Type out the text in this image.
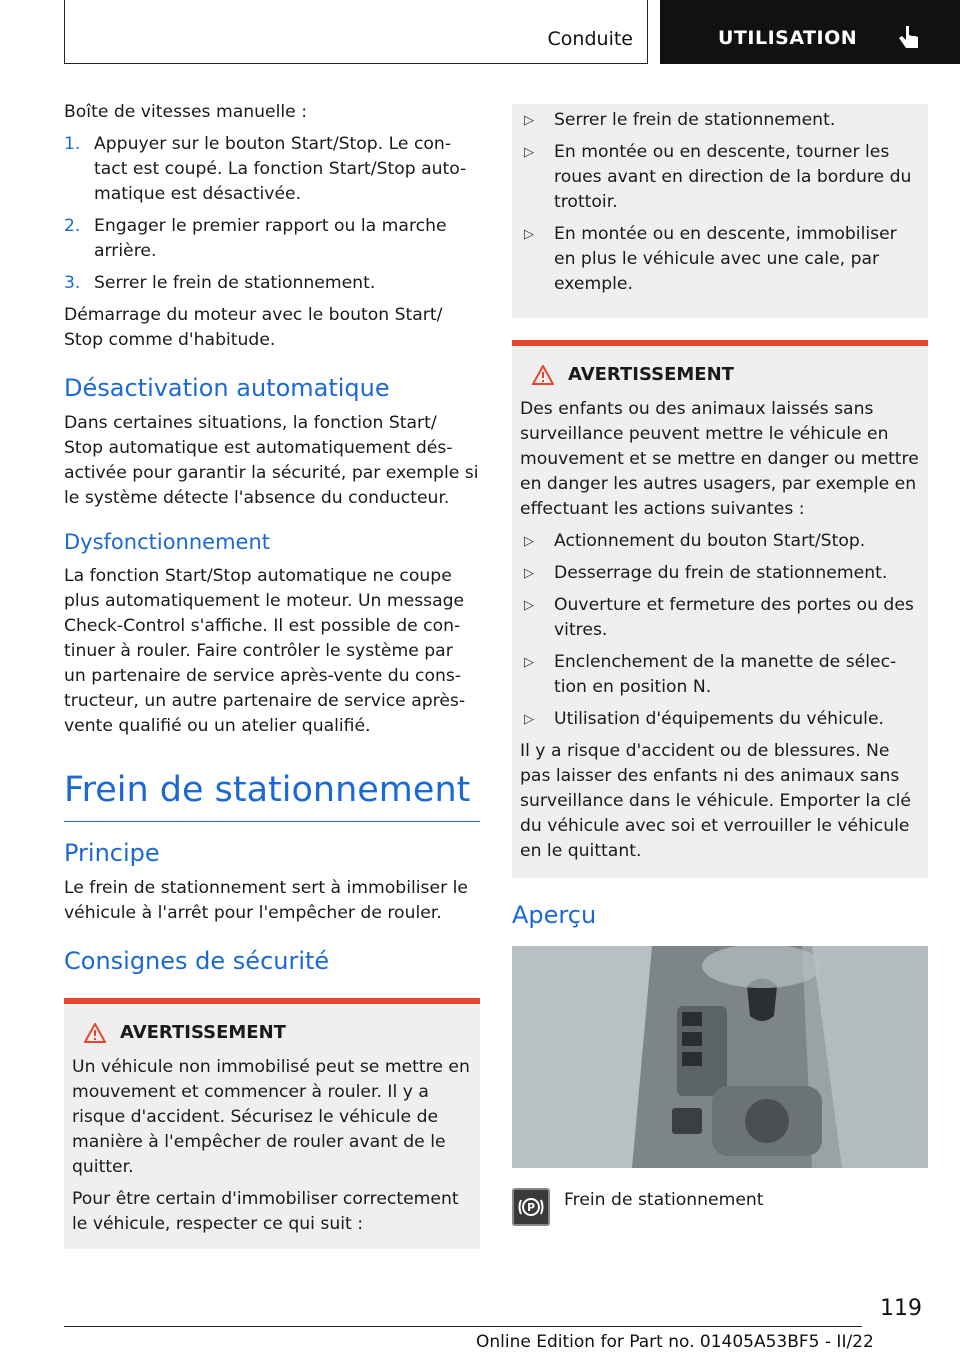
Conduite	UTILISATION

Boîte de vitesses manuelle :

1. Appuyer sur le bouton Start/Stop. Le con-tact est coupé. La fonction Start/Stop auto-matique est désactivée.
2. Engager le premier rapport ou la marche arrière.
3. Serrer le frein de stationnement.

Démarrage du moteur avec le bouton Start/ Stop comme d'habitude.

Désactivation automatique

Dans certaines situations, la fonction Start/ Stop automatique est automatiquement dés-activée pour garantir la sécurité, par exemple si le système détecte l'absence du conducteur.

Dysfonctionnement

La fonction Start/Stop automatique ne coupe plus automatiquement le moteur. Un message Check-Control s'affiche. Il est possible de con-tinuer à rouler. Faire contrôler le système par un partenaire de service après-vente du cons-tructeur, un autre partenaire de service après-vente qualifié ou un atelier qualifié.

Frein de stationnement
Principe

Le frein de stationnement sert à immobiliser le véhicule à l'arrêt pour l'empêcher de rouler.

Consignes de sécurité
AVERTISSEMENT

Un véhicule non immobilisé peut se mettre en mouvement et commencer à rouler. Il y a risque d'accident. Sécurisez le véhicule de manière à l'empêcher de rouler avant de le quitter.

Pour être certain d'immobiliser correctement le véhicule, respecter ce qui suit :

▷ Serrer le frein de stationnement.
▷ En montée ou en descente, tourner les roues avant en direction de la bordure du trottoir.
▷ En montée ou en descente, immobiliser en plus le véhicule avec une cale, par exemple.
AVERTISSEMENT

Des enfants ou des animaux laissés sans surveillance peuvent mettre le véhicule en mouvement et se mettre en danger ou mettre en danger les autres usagers, par exemple en effectuant les actions suivantes :

▷ Actionnement du bouton Start/Stop.
▷ Desserrage du frein de stationnement.
▷ Ouverture et fermeture des portes ou des vitres.
▷ Enclenchement de la manette de sélec-tion en position N.
▷ Utilisation d'équipements du véhicule.

Il y a risque d'accident ou de blessures. Ne pas laisser des enfants ni des animaux sans surveillance dans le véhicule. Emporter la clé du véhicule avec soi et verrouiller le véhicule en le quittant.

Aperçu
P Frein de stationnement
119
Online Edition for Part no. 01405A53BF5 - II/22
